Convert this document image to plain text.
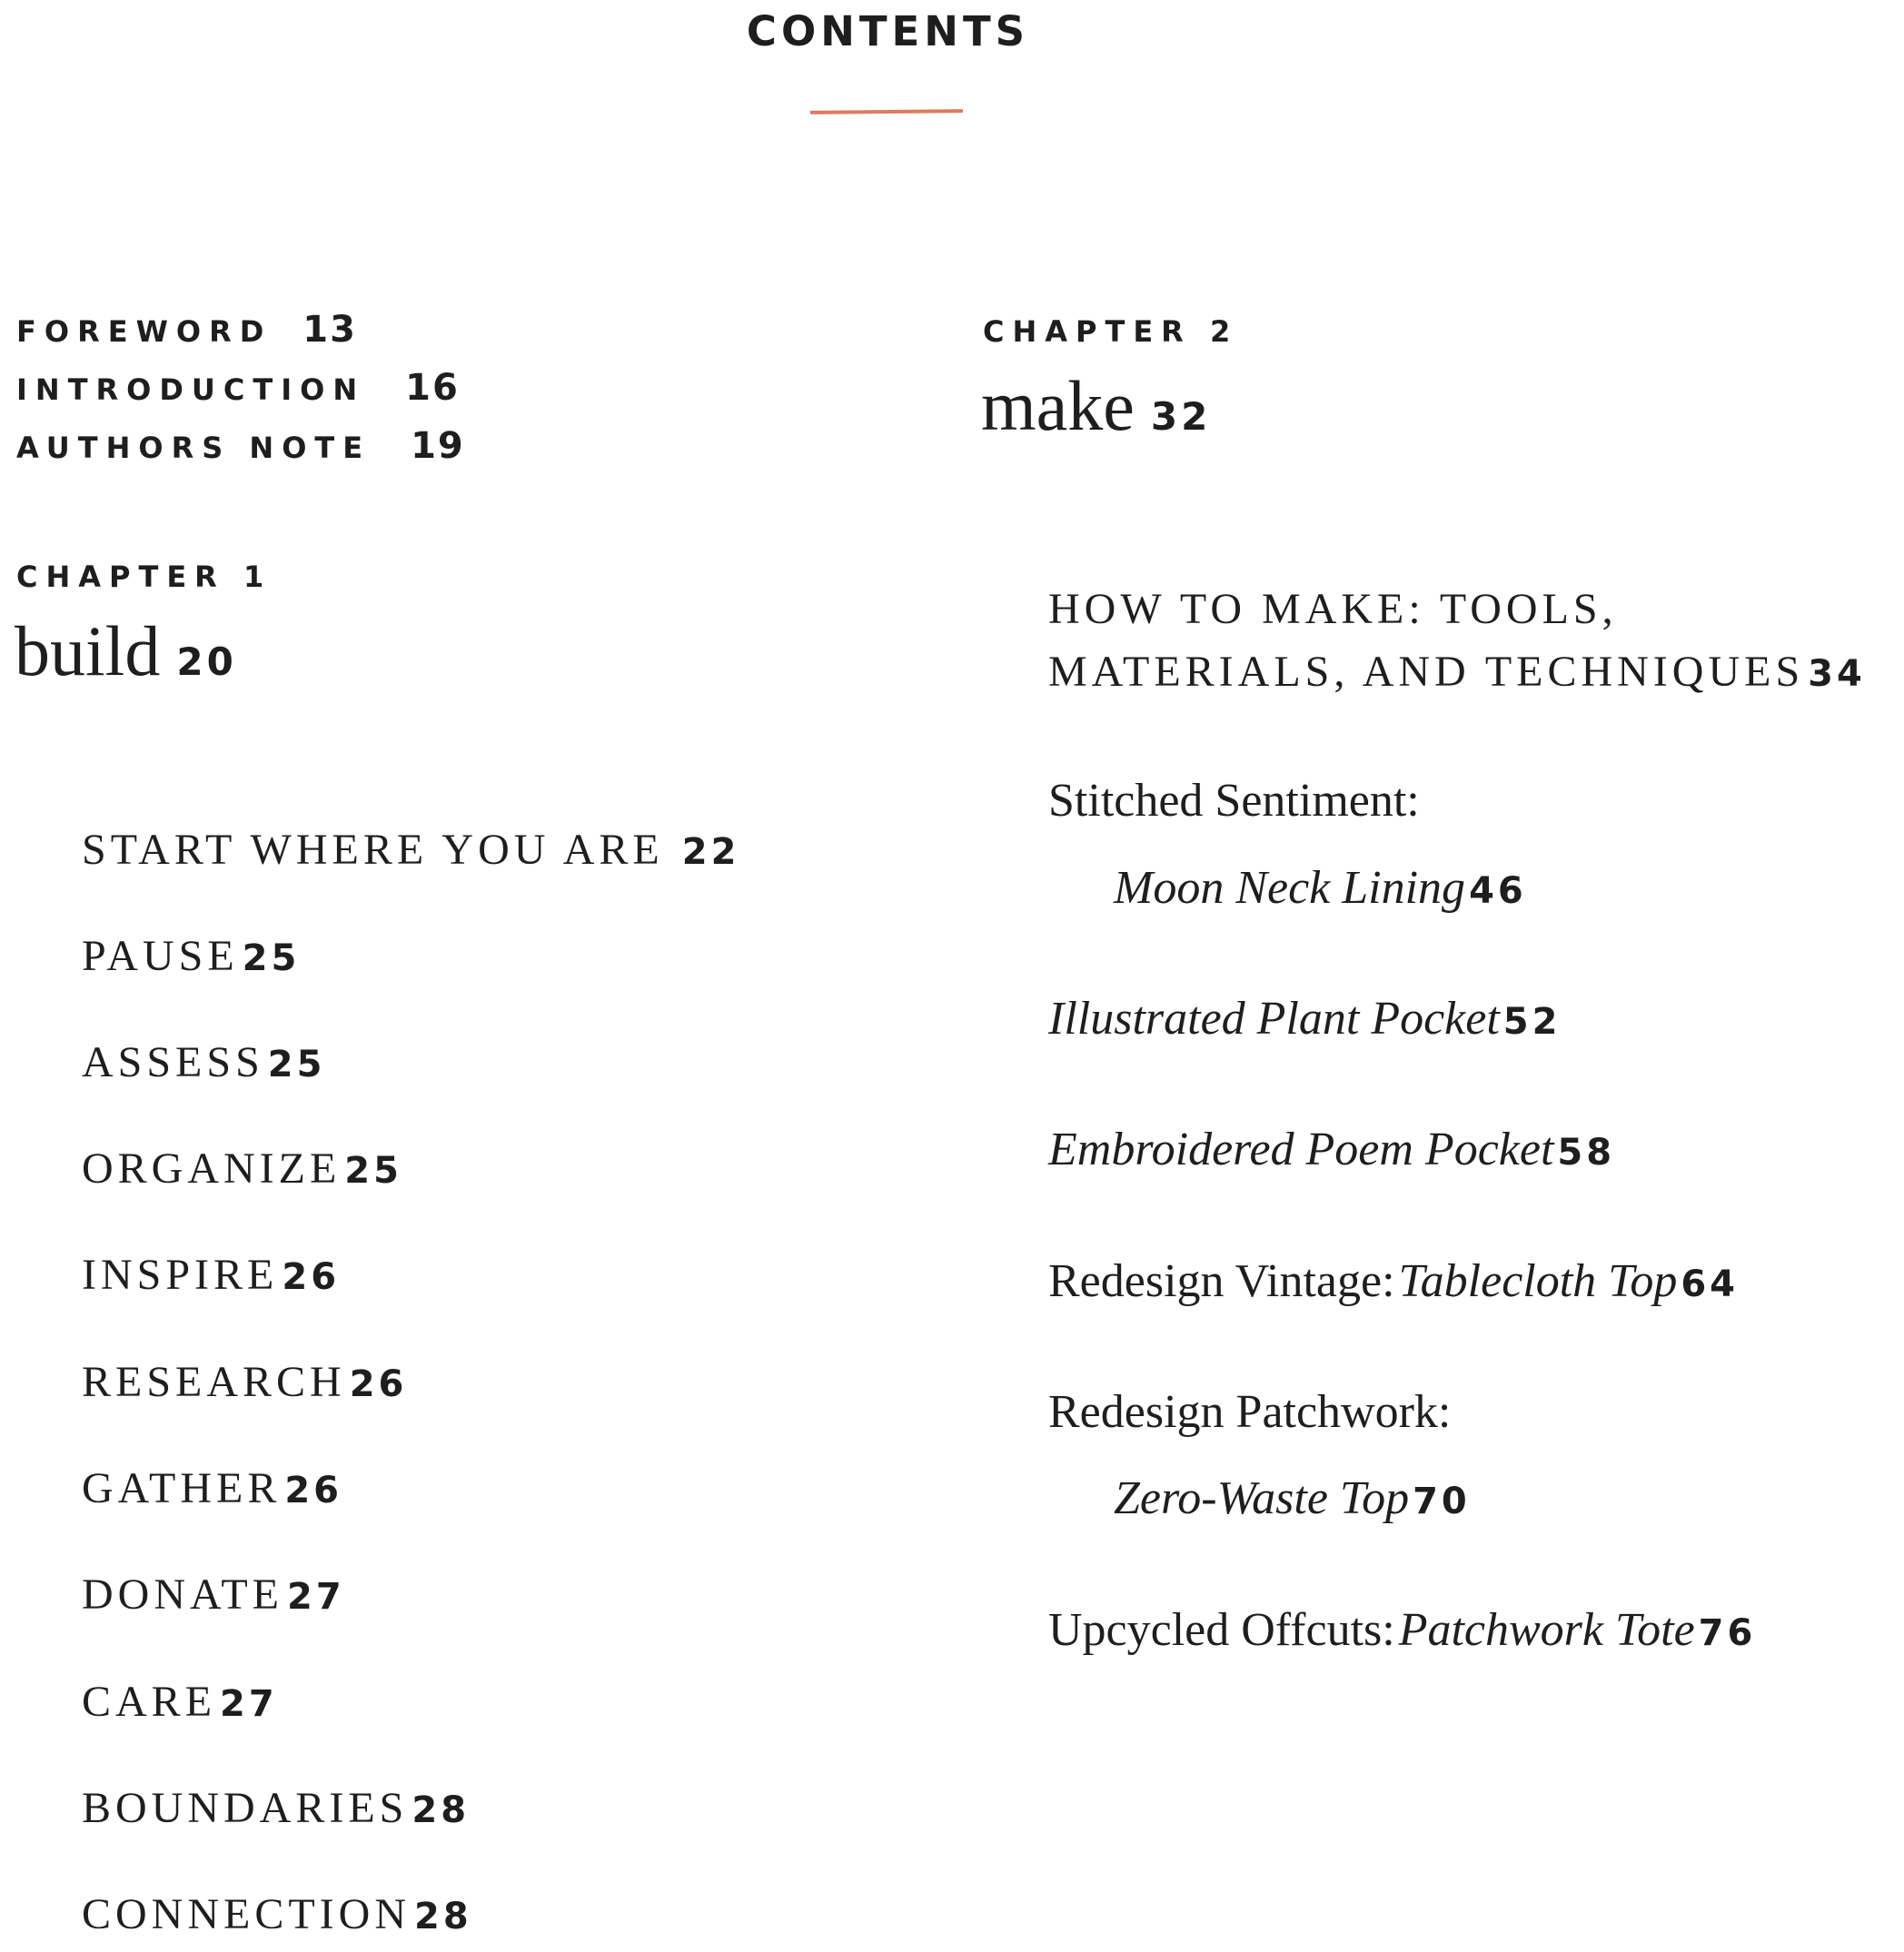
CONTENTS
FOREWORD 13
INTRODUCTION 16
AUTHORS NOTE 19
CHAPTER 1
build 20
START WHERE YOU ARE 22
PAUSE 25
ASSESS 25
ORGANIZE 25
INSPIRE 26
RESEARCH 26
GATHER 26
DONATE 27
CARE 27
BOUNDARIES 28
CONNECTION 28
CHAPTER 2
make 32
HOW TO MAKE: TOOLS,
MATERIALS, AND TECHNIQUES 34
Stitched Sentiment:
Moon Neck Lining 46
Illustrated Plant Pocket 52
Embroidered Poem Pocket 58
Redesign Vintage: Tablecloth Top 64
Redesign Patchwork:
Zero-Waste Top 70
Upcycled Offcuts: Patchwork Tote 76
